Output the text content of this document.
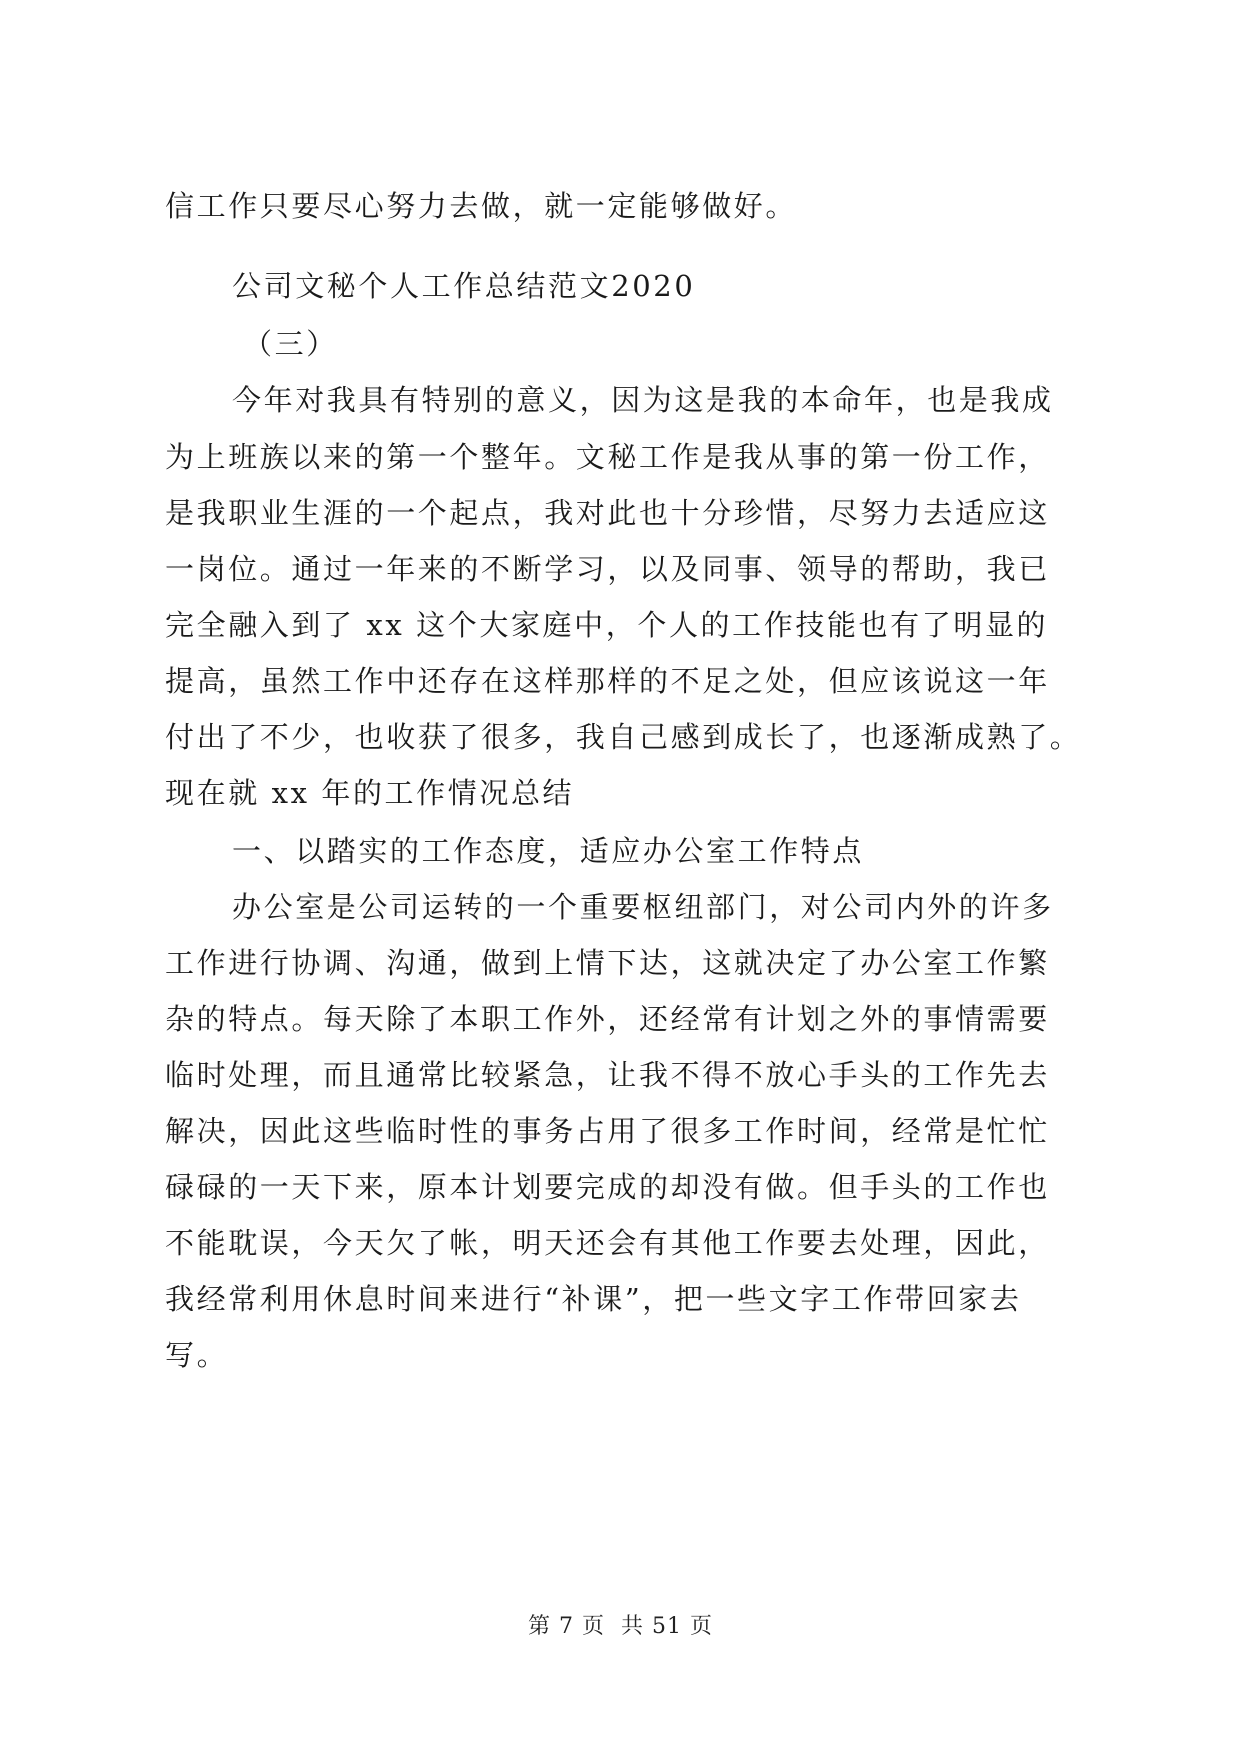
信工作只要尽心努力去做，就一定能够做好。
公司文秘个人工作总结范文2020
（三）
今年对我具有特别的意义，因为这是我的本命年，也是我成
为上班族以来的第一个整年。文秘工作是我从事的第一份工作，
是我职业生涯的一个起点，我对此也十分珍惜，尽努力去适应这
一岗位。通过一年来的不断学习，以及同事、领导的帮助，我已
完全融入到了 xx 这个大家庭中，个人的工作技能也有了明显的
提高，虽然工作中还存在这样那样的不足之处，但应该说这一年
付出了不少，也收获了很多，我自己感到成长了，也逐渐成熟了。
现在就 xx 年的工作情况总结
一、以踏实的工作态度，适应办公室工作特点
办公室是公司运转的一个重要枢纽部门，对公司内外的许多
工作进行协调、沟通，做到上情下达，这就决定了办公室工作繁
杂的特点。每天除了本职工作外，还经常有计划之外的事情需要
临时处理，而且通常比较紧急，让我不得不放心手头的工作先去
解决，因此这些临时性的事务占用了很多工作时间，经常是忙忙
碌碌的一天下来，原本计划要完成的却没有做。但手头的工作也
不能耽误，今天欠了帐，明天还会有其他工作要去处理，因此，
我经常利用休息时间来进行“补课”，把一些文字工作带回家去
写。
第 7 页  共 51 页
